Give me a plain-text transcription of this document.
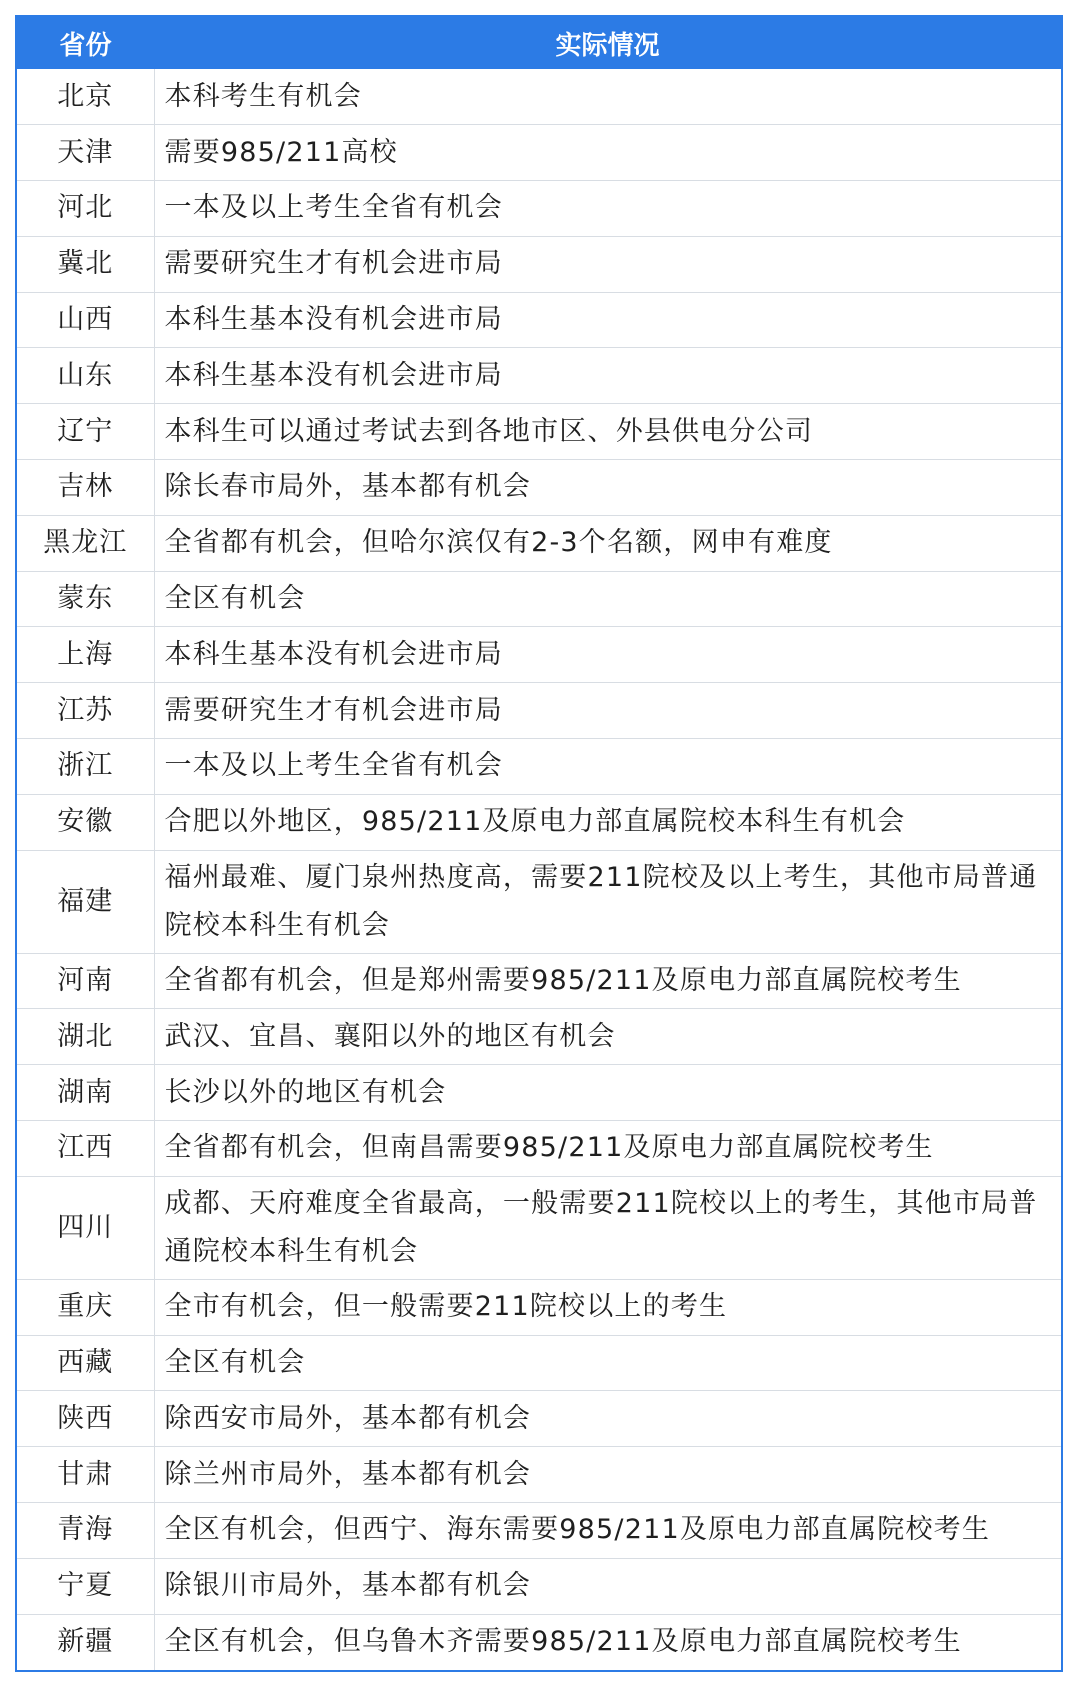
省份	实际情况
北京	本科考生有机会
天津	需要985/211高校
河北	一本及以上考生全省有机会
冀北	需要研究生才有机会进市局
山西	本科生基本没有机会进市局
山东	本科生基本没有机会进市局
辽宁	本科生可以通过考试去到各地市区、外县供电分公司
吉林	除长春市局外，基本都有机会
黑龙江	全省都有机会，但哈尔滨仅有2-3个名额，网申有难度
蒙东	全区有机会
上海	本科生基本没有机会进市局
江苏	需要研究生才有机会进市局
浙江	一本及以上考生全省有机会
安徽	合肥以外地区，985/211及原电力部直属院校本科生有机会
福建	福州最难、厦门泉州热度高，需要211院校及以上考生，其他市局普通院校本科生有机会
河南	全省都有机会，但是郑州需要985/211及原电力部直属院校考生
湖北	武汉、宜昌、襄阳以外的地区有机会
湖南	长沙以外的地区有机会
江西	全省都有机会，但南昌需要985/211及原电力部直属院校考生
四川	成都、天府难度全省最高，一般需要211院校以上的考生，其他市局普通院校本科生有机会
重庆	全市有机会，但一般需要211院校以上的考生
西藏	全区有机会
陕西	除西安市局外，基本都有机会
甘肃	除兰州市局外，基本都有机会
青海	全区有机会，但西宁、海东需要985/211及原电力部直属院校考生
宁夏	除银川市局外，基本都有机会
新疆	全区有机会，但乌鲁木齐需要985/211及原电力部直属院校考生
